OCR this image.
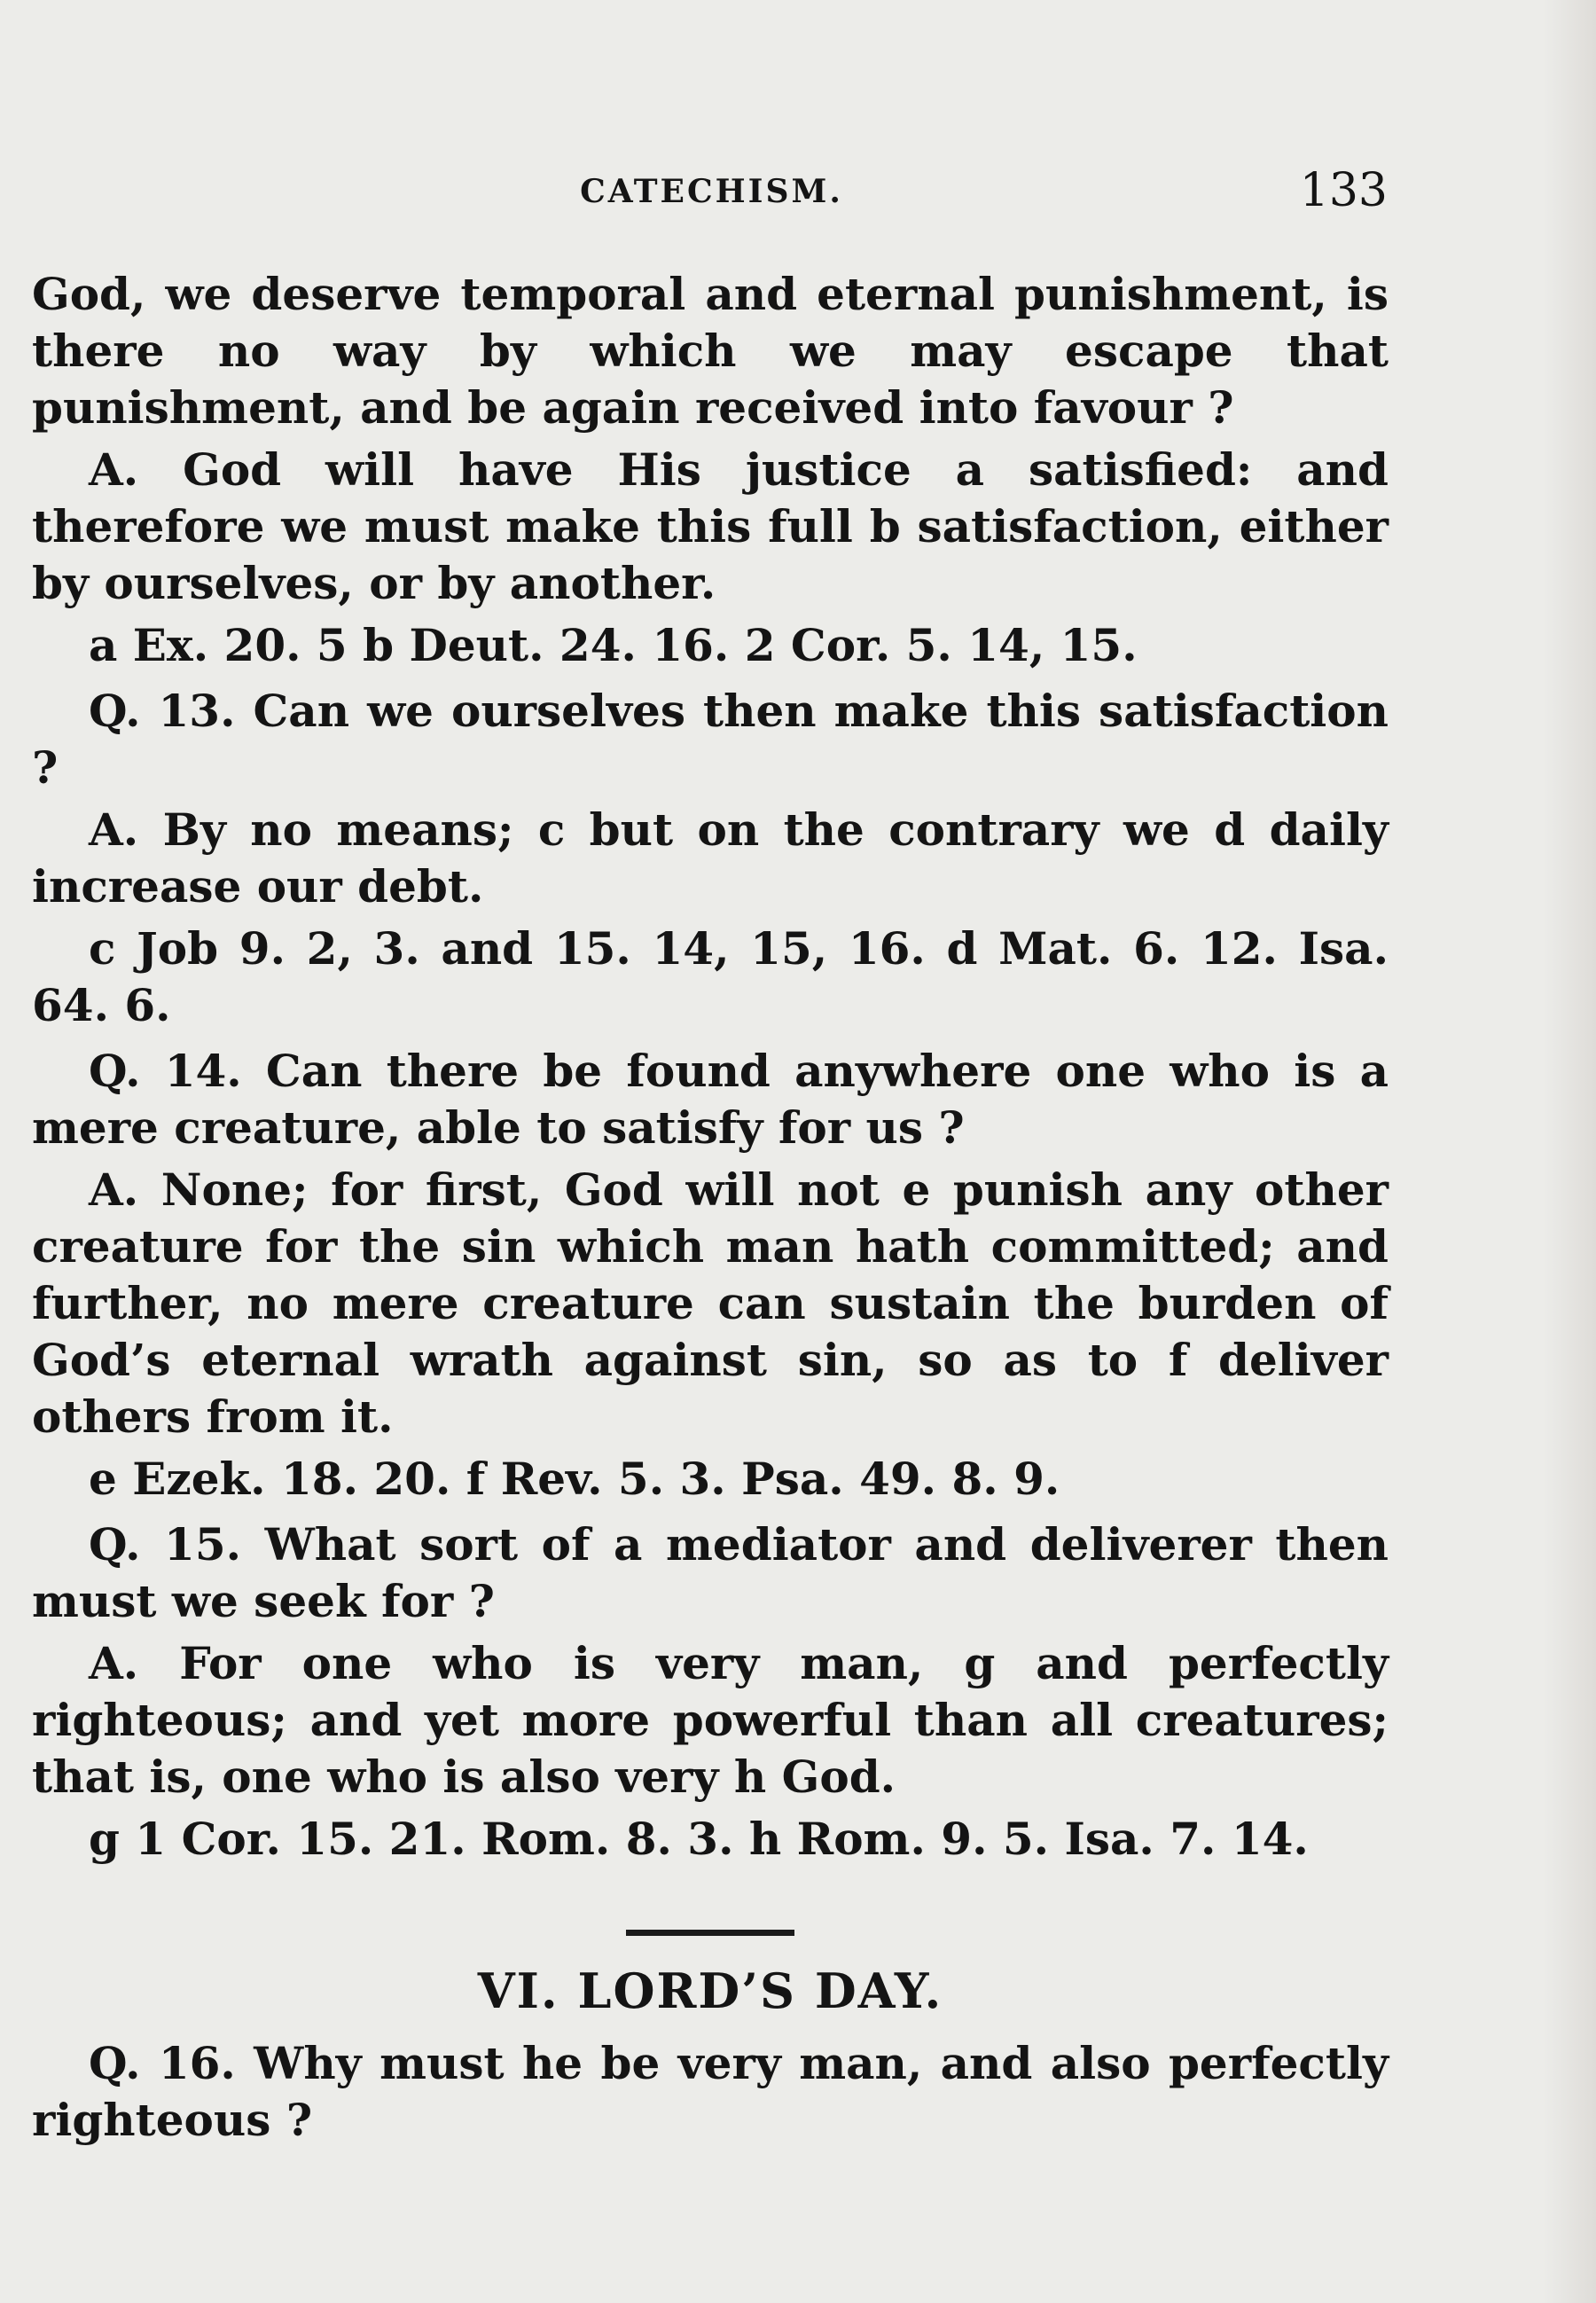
CATECHISM.	133

God, we deserve temporal and eternal punishment, is there no way by which we may escape that punishment, and be again received into favour ?

A. God will have His justice a satisfied: and therefore we must make this full b satisfaction, either by ourselves, or by another.

a Ex. 20. 5 b Deut. 24. 16. 2 Cor. 5. 14, 15.

Q. 13. Can we ourselves then make this satisfaction ?

A. By no means; c but on the contrary we d daily increase our debt.

c Job 9. 2, 3. and 15. 14, 15, 16. d Mat. 6. 12. Isa. 64. 6.

Q. 14. Can there be found anywhere one who is a mere creature, able to satisfy for us ?

A. None; for first, God will not e punish any other creature for the sin which man hath committed; and further, no mere creature can sustain the burden of God’s eternal wrath against sin, so as to f deliver others from it.

e Ezek. 18. 20. f Rev. 5. 3. Psa. 49. 8. 9.

Q. 15. What sort of a mediator and deliverer then must we seek for ?

A. For one who is very man, g and perfectly righteous; and yet more powerful than all creatures; that is, one who is also very h God.

g 1 Cor. 15. 21. Rom. 8. 3. h Rom. 9. 5. Isa. 7. 14.

VI. LORD’S DAY.

Q. 16. Why must he be very man, and also perfectly righteous ?
